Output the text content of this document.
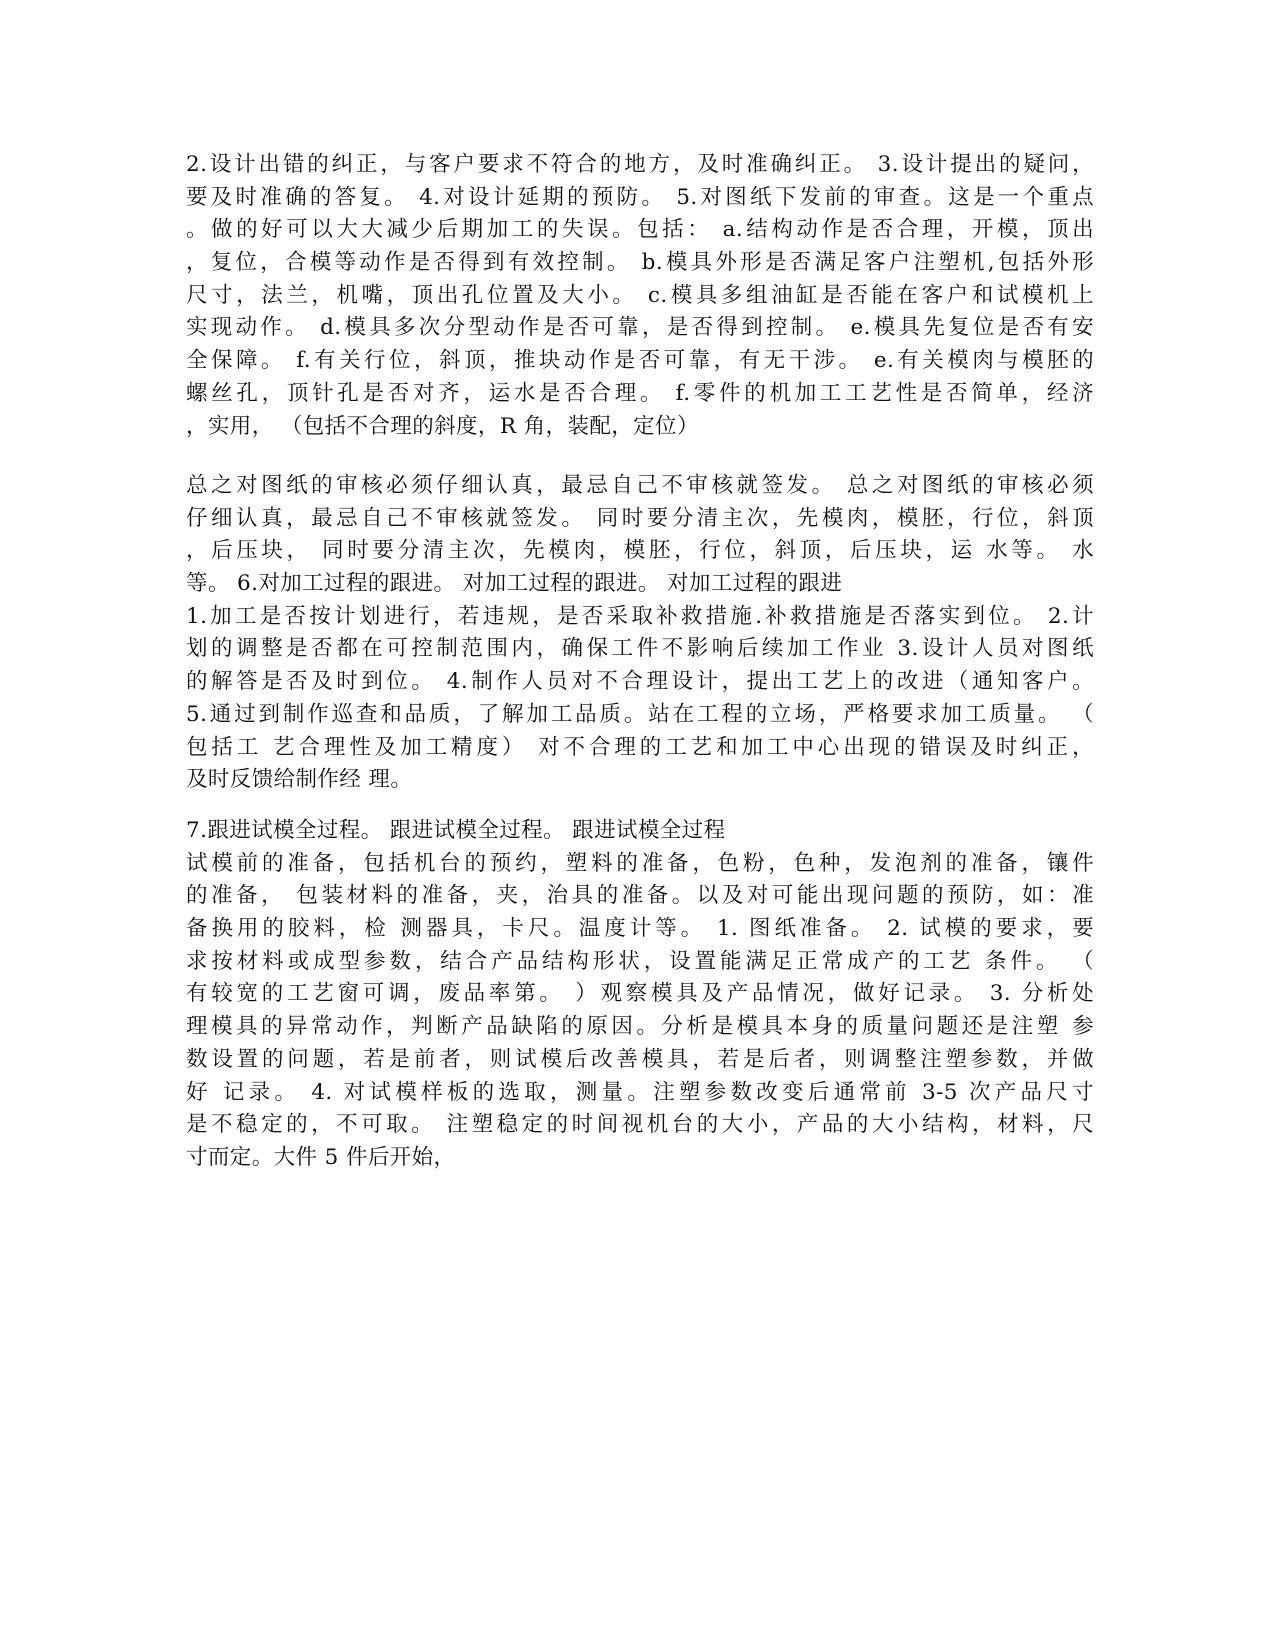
2.设计出错的纠正，与客户要求不符合的地方，及时准确纠正。 3.设计提出的疑问，
要及时准确的答复。 4.对设计延期的预防。 5.对图纸下发前的审查。这是一个重点
。做的好可以大大减少后期加工的失误。包括： a.结构动作是否合理，开模，顶出
，复位，合模等动作是否得到有效控制。 b.模具外形是否满足客户注塑机,包括外形
尺寸，法兰，机嘴，顶出孔位置及大小。 c.模具多组油缸是否能在客户和试模机上
实现动作。 d.模具多次分型动作是否可靠，是否得到控制。 e.模具先复位是否有安
全保障。 f.有关行位，斜顶，推块动作是否可靠，有无干涉。 e.有关模肉与模胚的
螺丝孔，顶针孔是否对齐，运水是否合理。 f.零件的机加工工艺性是否简单，经济
，实用， （包括不合理的斜度，R 角，装配，定位）
总之对图纸的审核必须仔细认真，最忌自己不审核就签发。 总之对图纸的审核必须
仔细认真，最忌自己不审核就签发。 同时要分清主次，先模肉，模胚，行位，斜顶
，后压块， 同时要分清主次，先模肉，模胚，行位，斜顶，后压块，运 水等。 水
等。 6.对加工过程的跟进。 对加工过程的跟进。 对加工过程的跟进
1.加工是否按计划进行，若违规，是否采取补救措施.补救措施是否落实到位。 2.计
划的调整是否都在可控制范围内，确保工件不影响后续加工作业 3.设计人员对图纸
的解答是否及时到位。 4.制作人员对不合理设计，提出工艺上的改进（通知客户。
5.通过到制作巡查和品质，了解加工品质。站在工程的立场，严格要求加工质量。 （
包括工 艺合理性及加工精度） 对不合理的工艺和加工中心出现的错误及时纠正，
及时反馈给制作经 理。
7.跟进试模全过程。 跟进试模全过程。 跟进试模全过程
试模前的准备，包括机台的预约，塑料的准备，色粉，色种，发泡剂的准备，镶件
的准备， 包装材料的准备，夹，治具的准备。以及对可能出现问题的预防，如：准
备换用的胶料，检 测器具，卡尺。温度计等。 1. 图纸准备。 2. 试模的要求，要
求按材料或成型参数，结合产品结构形状，设置能满足正常成产的工艺 条件。 （
有较宽的工艺窗可调，废品率第。 ）观察模具及产品情况，做好记录。 3. 分析处
理模具的异常动作，判断产品缺陷的原因。分析是模具本身的质量问题还是注塑 参
数设置的问题，若是前者，则试模后改善模具，若是后者，则调整注塑参数，并做
好 记录。 4. 对试模样板的选取，测量。注塑参数改变后通常前 3-5 次产品尺寸
是不稳定的，不可取。 注塑稳定的时间视机台的大小，产品的大小结构，材料，尺
寸而定。大件 5 件后开始，
